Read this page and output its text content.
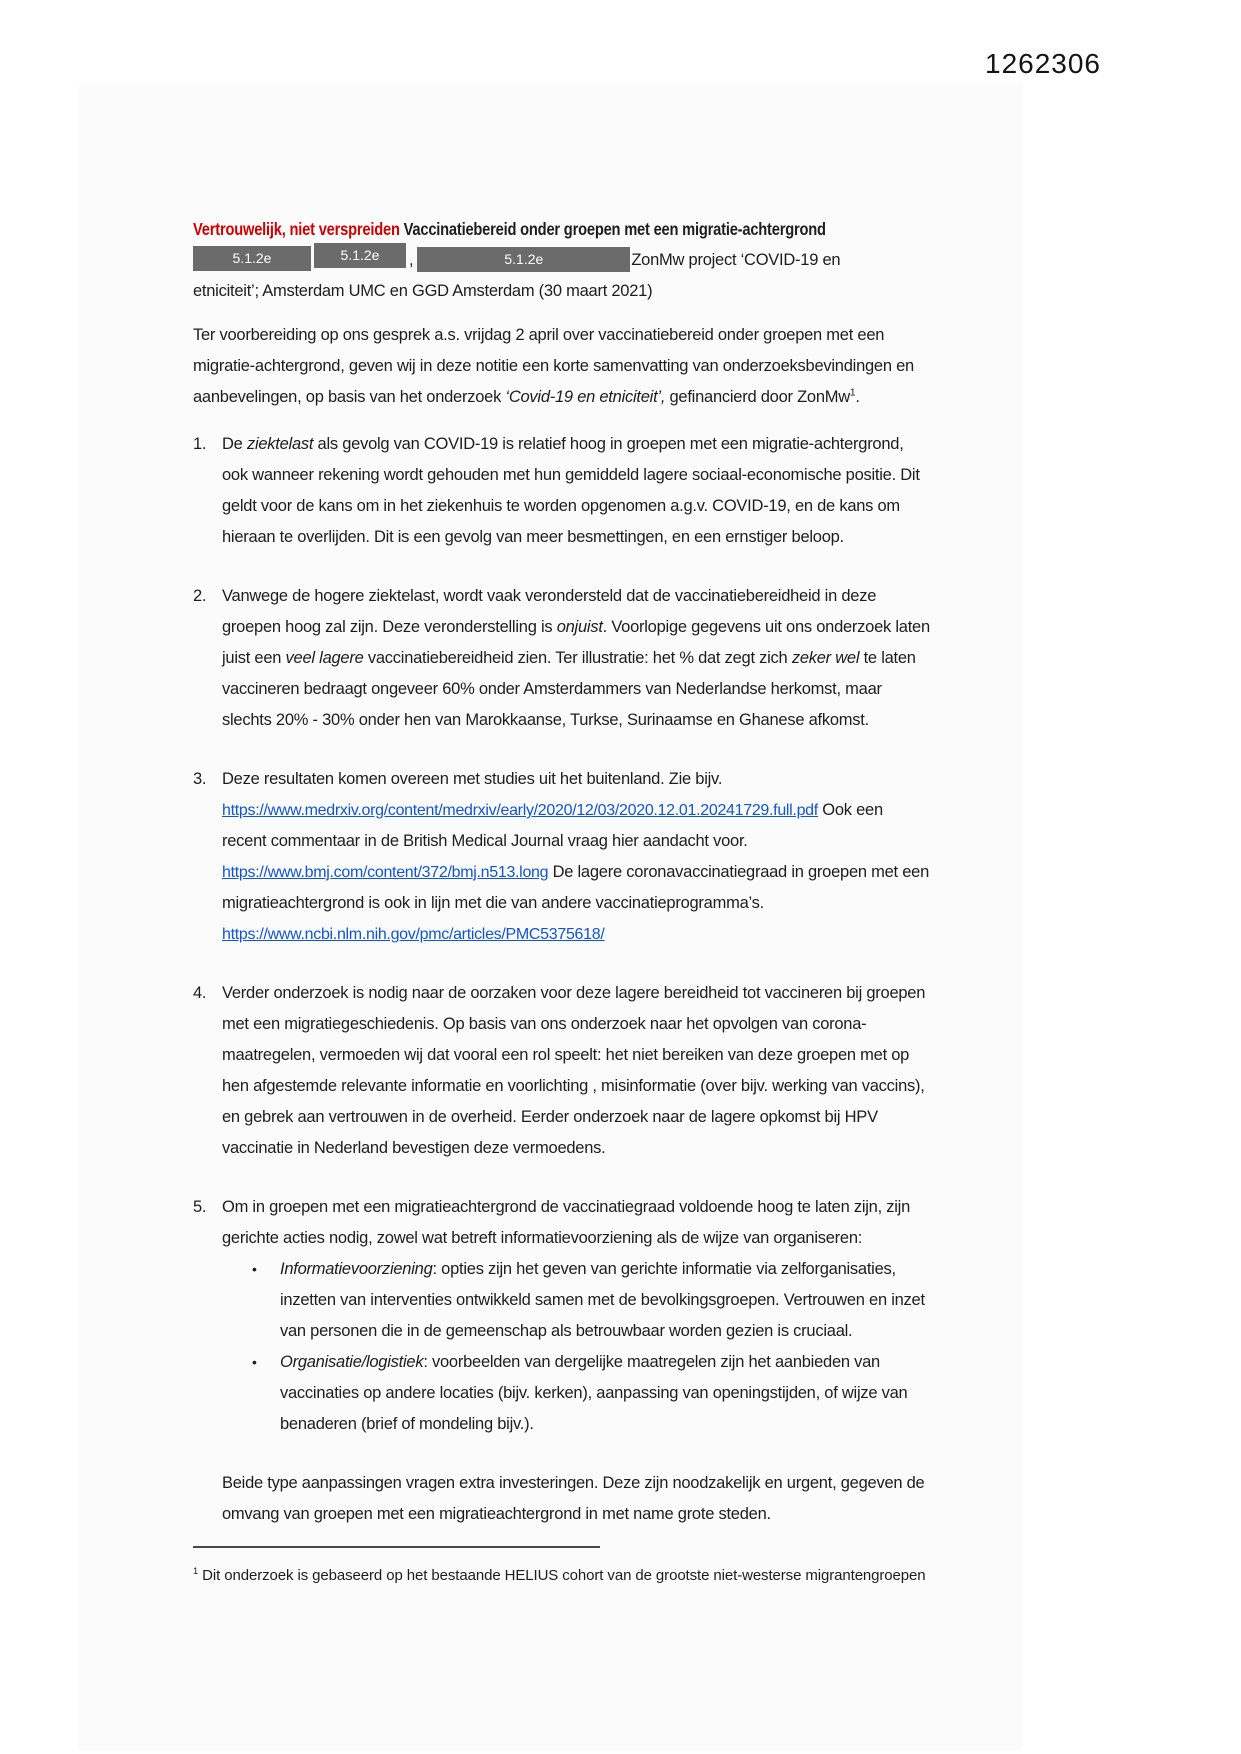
1262306
Vertrouwelijk, niet verspreiden Vaccinatiebereid onder groepen met een migratie-achtergrond
5.1.2e	5.1.2e ,	5.1.2e	ZonMw project ‘COVID-19 en
etniciteit’; Amsterdam UMC en GGD Amsterdam (30 maart 2021)

Ter voorbereiding op ons gesprek a.s. vrijdag 2 april over vaccinatiebereid onder groepen met een migratie-achtergrond, geven wij in deze notitie een korte samenvatting van onderzoeksbevindingen en aanbevelingen, op basis van het onderzoek ‘Covid-19 en etniciteit’, gefinancierd door ZonMw$^1$.

1. De ziektelast als gevolg van COVID-19 is relatief hoog in groepen met een migratie-achtergrond, ook wanneer rekening wordt gehouden met hun gemiddeld lagere sociaal-economische positie. Dit geldt voor de kans om in het ziekenhuis te worden opgenomen a.g.v. COVID-19, en de kans om hieraan te overlijden. Dit is een gevolg van meer besmettingen, en een ernstiger beloop.

2. Vanwege de hogere ziektelast, wordt vaak verondersteld dat de vaccinatiebereidheid in deze groepen hoog zal zijn. Deze veronderstelling is onjuist. Voorlopige gegevens uit ons onderzoek laten juist een veel lagere vaccinatiebereidheid zien. Ter illustratie: het % dat zegt zich zeker wel te laten vaccineren bedraagt ongeveer 60% onder Amsterdammers van Nederlandse herkomst, maar slechts 20% - 30% onder hen van Marokkaanse, Turkse, Surinaamse en Ghanese afkomst.

3. Deze resultaten komen overeen met studies uit het buitenland. Zie bijv. https://www.medrxiv.org/content/medrxiv/early/2020/12/03/2020.12.01.20241729.full.pdf Ook een recent commentaar in de British Medical Journal vraag hier aandacht voor. https://www.bmj.com/content/372/bmj.n513.long De lagere coronavaccinatiegraad in groepen met een migratieachtergrond is ook in lijn met die van andere vaccinatieprogramma’s. https://www.ncbi.nlm.nih.gov/pmc/articles/PMC5375618/

4. Verder onderzoek is nodig naar de oorzaken voor deze lagere bereidheid tot vaccineren bij groepen met een migratiegeschiedenis. Op basis van ons onderzoek naar het opvolgen van corona-maatregelen, vermoeden wij dat vooral een rol speelt: het niet bereiken van deze groepen met op hen afgestemde relevante informatie en voorlichting , misinformatie (over bijv. werking van vaccins), en gebrek aan vertrouwen in de overheid. Eerder onderzoek naar de lagere opkomst bij HPV vaccinatie in Nederland bevestigen deze vermoedens.

5. Om in groepen met een migratieachtergrond de vaccinatiegraad voldoende hoog te laten zijn, zijn gerichte acties nodig, zowel wat betreft informatievoorziening als de wijze van organiseren:

•	Informatievoorziening: opties zijn het geven van gerichte informatie via zelforganisaties, inzetten van interventies ontwikkeld samen met de bevolkingsgroepen. Vertrouwen en inzet van personen die in de gemeenschap als betrouwbaar worden gezien is cruciaal.

•	Organisatie/logistiek: voorbeelden van dergelijke maatregelen zijn het aanbieden van vaccinaties op andere locaties (bijv. kerken), aanpassing van openingstijden, of wijze van benaderen (brief of mondeling bijv.).

Beide type aanpassingen vragen extra investeringen. Deze zijn noodzakelijk en urgent, gegeven de omvang van groepen met een migratieachtergrond in met name grote steden.

$^1$ Dit onderzoek is gebaseerd op het bestaande HELIUS cohort van de grootste niet-westerse migrantengroepen
